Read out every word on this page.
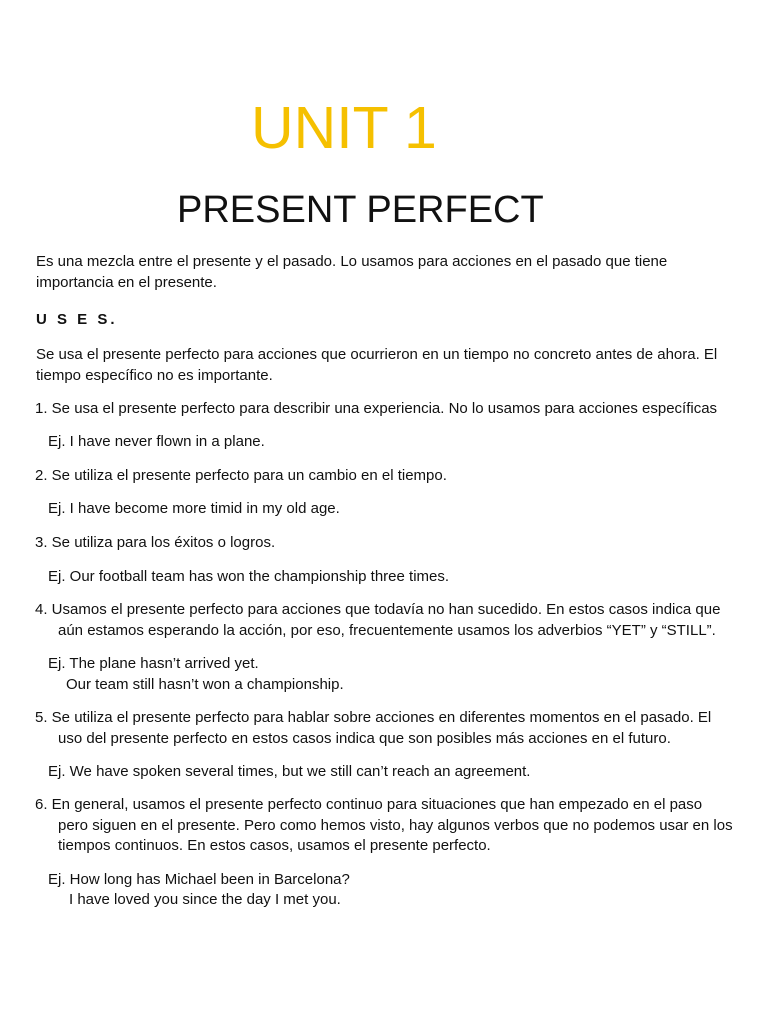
UNIT 1
PRESENT PERFECT
Es una mezcla entre el presente y el pasado. Lo usamos para acciones en el pasado que tiene
importancia en el presente.
U S E S.
Se usa el presente perfecto para acciones que ocurrieron en un tiempo no concreto antes de ahora. El
tiempo específico no es importante.
1. Se usa el presente perfecto para describir una experiencia. No lo usamos para acciones específicas
Ej. I have never flown in a plane.
2. Se utiliza el presente perfecto para un cambio en el tiempo.
Ej. I have become more timid in my old age.
3. Se utiliza para los éxitos o logros.
Ej. Our football team has won the championship three times.
4. Usamos el presente perfecto para acciones que todavía no han sucedido. En estos casos indica que
aún estamos esperando la acción, por eso, frecuentemente usamos los adverbios “YET” y “STILL”.
Ej. The plane hasn’t arrived yet.
Our team still hasn’t won a championship.
5. Se utiliza el presente perfecto para hablar sobre acciones en diferentes momentos en el pasado. El
uso del presente perfecto en estos casos indica que son posibles más acciones en el futuro.
Ej. We have spoken several times, but we still can’t reach an agreement.
6. En general, usamos el presente perfecto continuo para situaciones que han empezado en el paso
pero siguen en el presente. Pero como hemos visto, hay algunos verbos que no podemos usar en los
tiempos continuos. En estos casos, usamos el presente perfecto.
Ej. How long has Michael been in Barcelona?
I have loved you since the day I met you.
